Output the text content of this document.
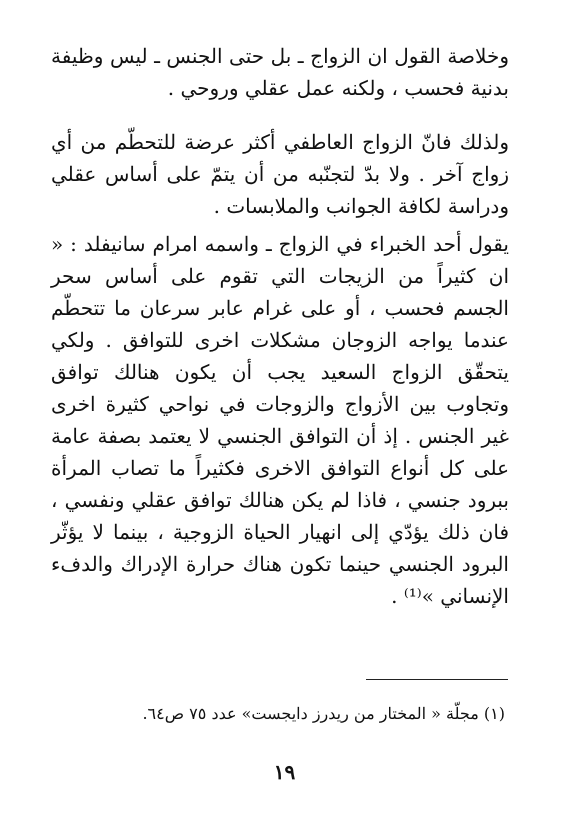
وخلاصة القول ان الزواج ـ بل حتى الجنس ـ ليس وظيفة بدنية فحسب ، ولكنه عمل عقلي وروحي .

ولذلك فانّ الزواج العاطفي أكثر عرضة للتحطّم من أي زواج آخر . ولا بدّ لتجنّبه من أن يتمّ على أساس عقلي ودراسة لكافة الجوانب والملابسات .

يقول أحد الخبراء في الزواج ـ واسمه امرام سانيفلد : « ان كثيراً من الزيجات التي تقوم على أساس سحر الجسم فحسب ، أو على غرام عابر سرعان ما تتحطّم عندما يواجه الزوجان مشكلات اخرى للتوافق . ولكي يتحقّق الزواج السعيد يجب أن يكون هنالك توافق وتجاوب بين الأزواج والزوجات في نواحي كثيرة اخرى غير الجنس . إذ أن التوافق الجنسي لا يعتمد بصفة عامة على كل أنواع التوافق الاخرى فكثيراً ما تصاب المرأة ببرود جنسي ، فاذا لم يكن هنالك توافق عقلي ونفسي ، فان ذلك يؤدّي إلى انهيار الحياة الزوجية ، بينما لا يؤثّر البرود الجنسي حينما تكون هناك حرارة الإدراك والدفء الإنساني »⁽¹⁾ .

(١) مجلّة « المختار من ريدرز دايجست» عدد ٧٥ ص٦٤.

١٩
